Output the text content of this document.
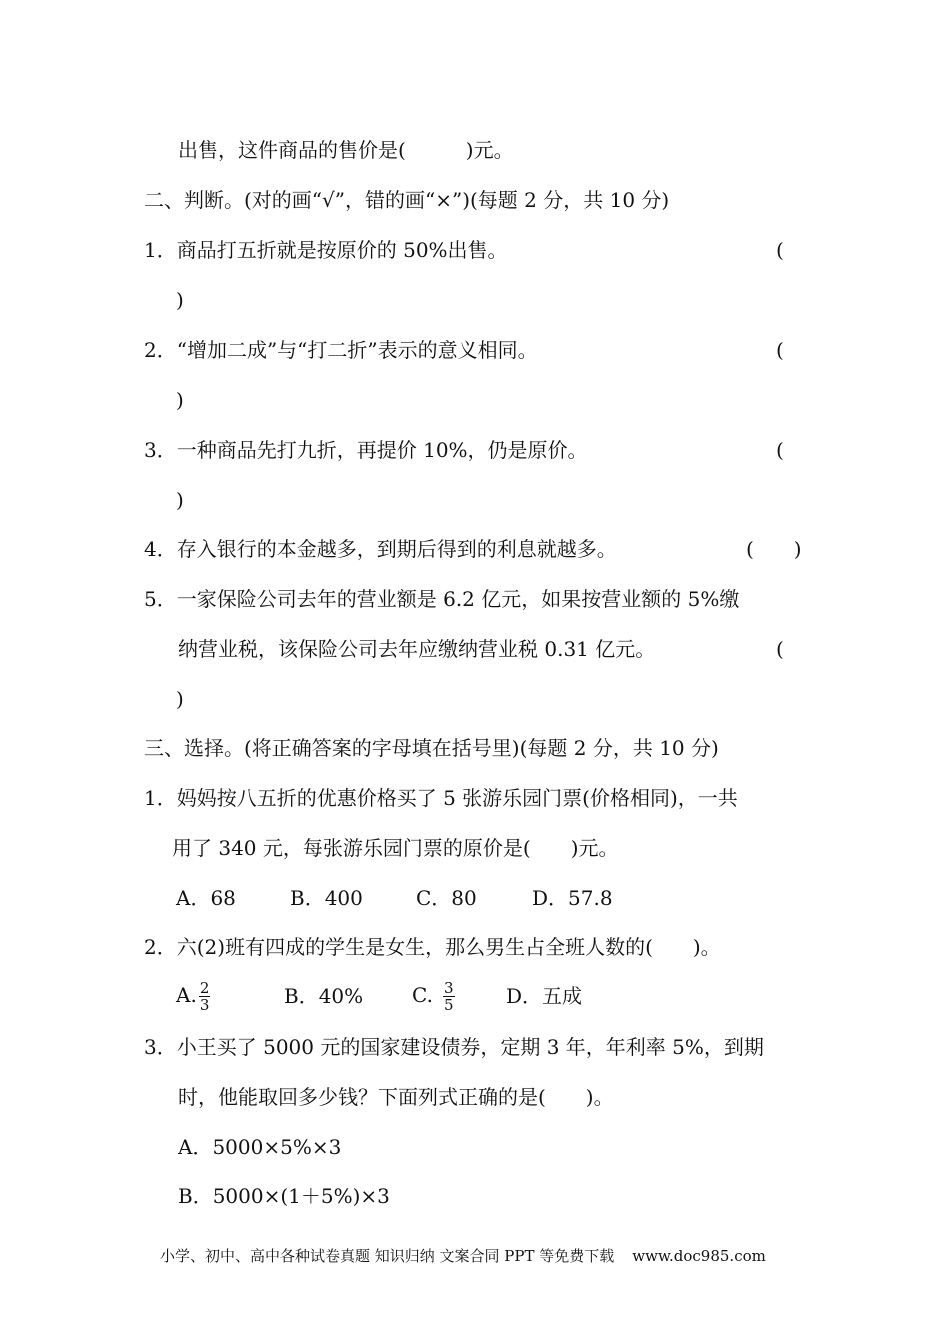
出售，这件商品的售价是(　　　)元。
二、判断。(对的画“√”，错的画“×”)(每题 2 分，共 10 分)
1．商品打五折就是按原价的 50%出售。	(
)
2．“增加二成”与“打二折”表示的意义相同。	(
)
3．一种商品先打九折，再提价 10%，仍是原价。	(
)
4．存入银行的本金越多，到期后得到的利息就越多。	(　　)
5．一家保险公司去年的营业额是 6.2 亿元，如果按营业额的 5%缴
纳营业税，该保险公司去年应缴纳营业税 0.31 亿元。	(
)
三、选择。(将正确答案的字母填在括号里)(每题 2 分，共 10 分)
1．妈妈按八五折的优惠价格买了 5 张游乐园门票(价格相同)，一共
用了 340 元，每张游乐园门票的原价是(　　)元。
A．68	B．400	C．80	D．57.8
2．六(2)班有四成的学生是女生，那么男生占全班人数的(　　)。
A. $\frac{2}{3}$	B．40% C. $\frac{3}{5}$	D．五成
3．小王买了 5000 元的国家建设债券，定期 3 年，年利率 5%，到期
时，他能取回多少钱？下面列式正确的是(　　)。
A．5000×5%×3
B．5000×(1＋5%)×3
小学、初中、高中各种试卷真题 知识归纳 文案合同 PPT 等免费下载 www.doc985.com
